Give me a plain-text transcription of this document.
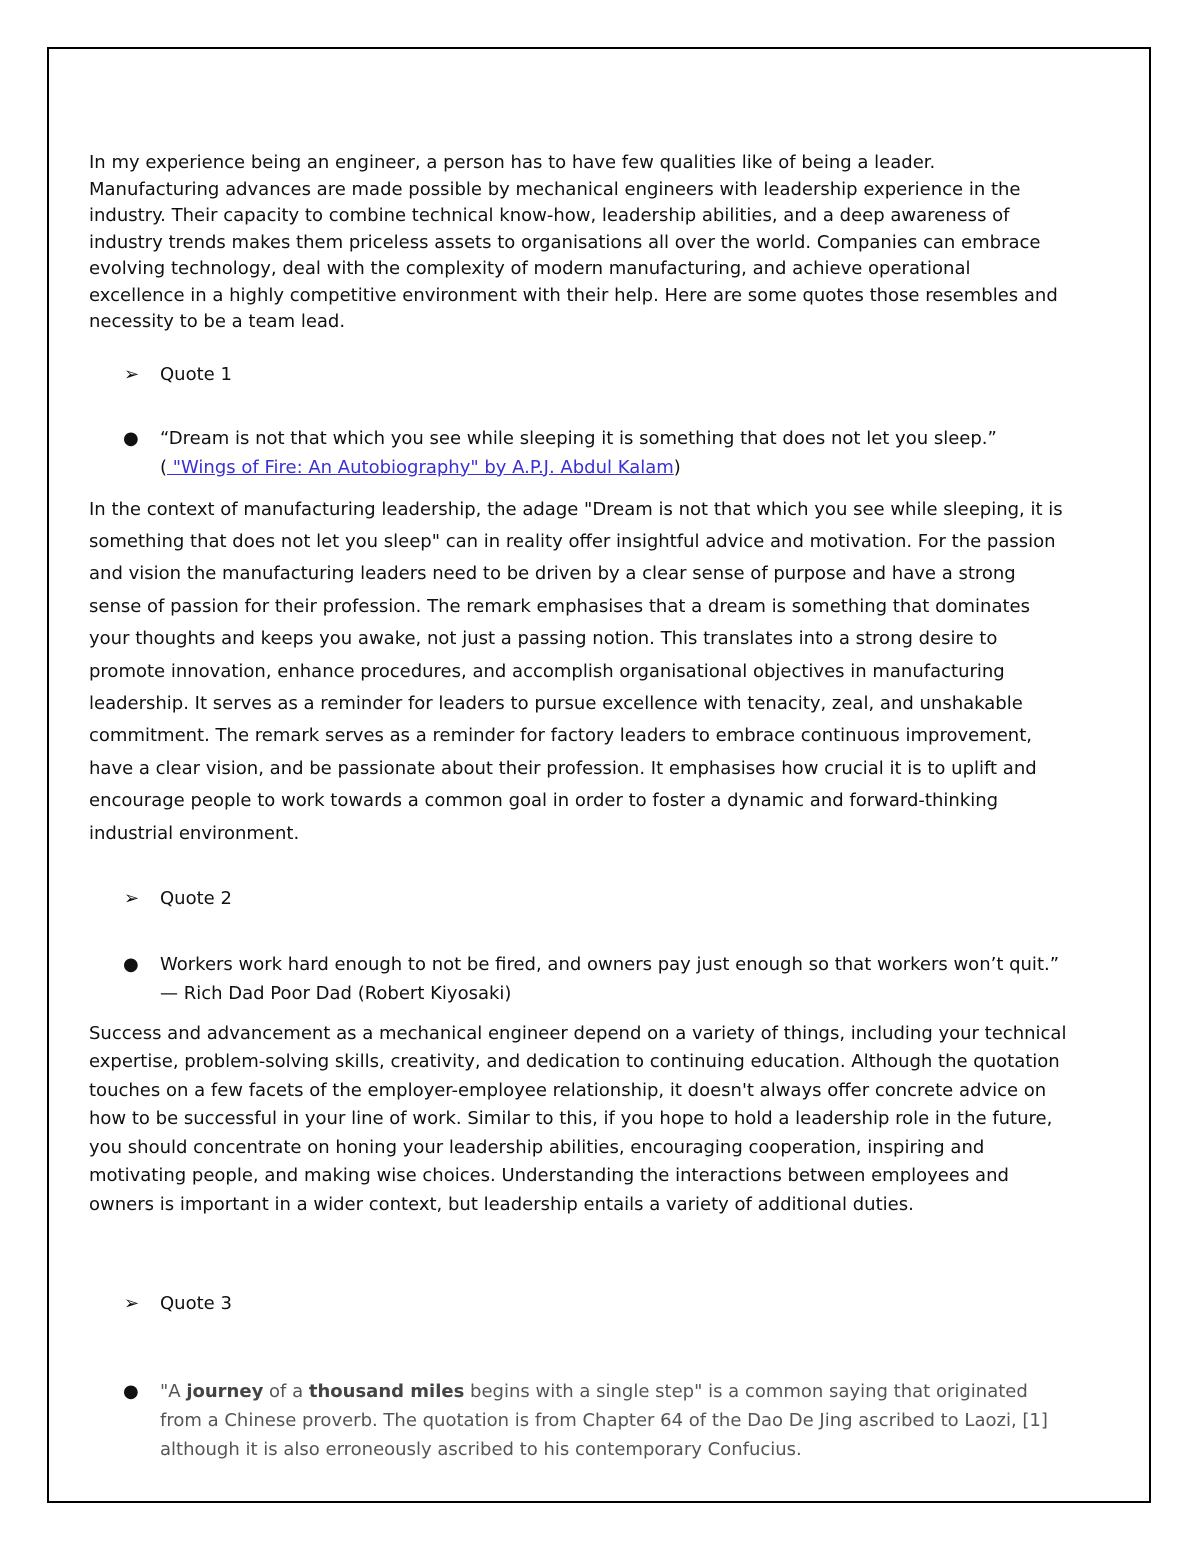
In my experience being an engineer, a person has to have few qualities like of being a leader. Manufacturing advances are made possible by mechanical engineers with leadership experience in the industry. Their capacity to combine technical know-how, leadership abilities, and a deep awareness of industry trends makes them priceless assets to organisations all over the world. Companies can embrace evolving technology, deal with the complexity of modern manufacturing, and achieve operational excellence in a highly competitive environment with their help. Here are some quotes those resembles and necessity to be a team lead.

➢ Quote 1
● “Dream is not that which you see while sleeping it is something that does not let you sleep.”
( "Wings of Fire: An Autobiography" by A.P.J. Abdul Kalam)

In the context of manufacturing leadership, the adage "Dream is not that which you see while sleeping, it is something that does not let you sleep" can in reality offer insightful advice and motivation. For the passion and vision the manufacturing leaders need to be driven by a clear sense of purpose and have a strong sense of passion for their profession. The remark emphasises that a dream is something that dominates your thoughts and keeps you awake, not just a passing notion. This translates into a strong desire to promote innovation, enhance procedures, and accomplish organisational objectives in manufacturing leadership. It serves as a reminder for leaders to pursue excellence with tenacity, zeal, and unshakable commitment. The remark serves as a reminder for factory leaders to embrace continuous improvement, have a clear vision, and be passionate about their profession. It emphasises how crucial it is to uplift and encourage people to work towards a common goal in order to foster a dynamic and forward-thinking industrial environment.

➢ Quote 2
● Workers work hard enough to not be fired, and owners pay just enough so that workers won’t quit.” — Rich Dad Poor Dad (Robert Kiyosaki)

Success and advancement as a mechanical engineer depend on a variety of things, including your technical expertise, problem-solving skills, creativity, and dedication to continuing education. Although the quotation touches on a few facets of the employer-employee relationship, it doesn't always offer concrete advice on how to be successful in your line of work. Similar to this, if you hope to hold a leadership role in the future, you should concentrate on honing your leadership abilities, encouraging cooperation, inspiring and motivating people, and making wise choices. Understanding the interactions between employees and owners is important in a wider context, but leadership entails a variety of additional duties.

➢ Quote 3
● "A journey of a thousand miles begins with a single step" is a common saying that originated from a Chinese proverb. The quotation is from Chapter 64 of the Dao De Jing ascribed to Laozi, [1] although it is also erroneously ascribed to his contemporary Confucius.
